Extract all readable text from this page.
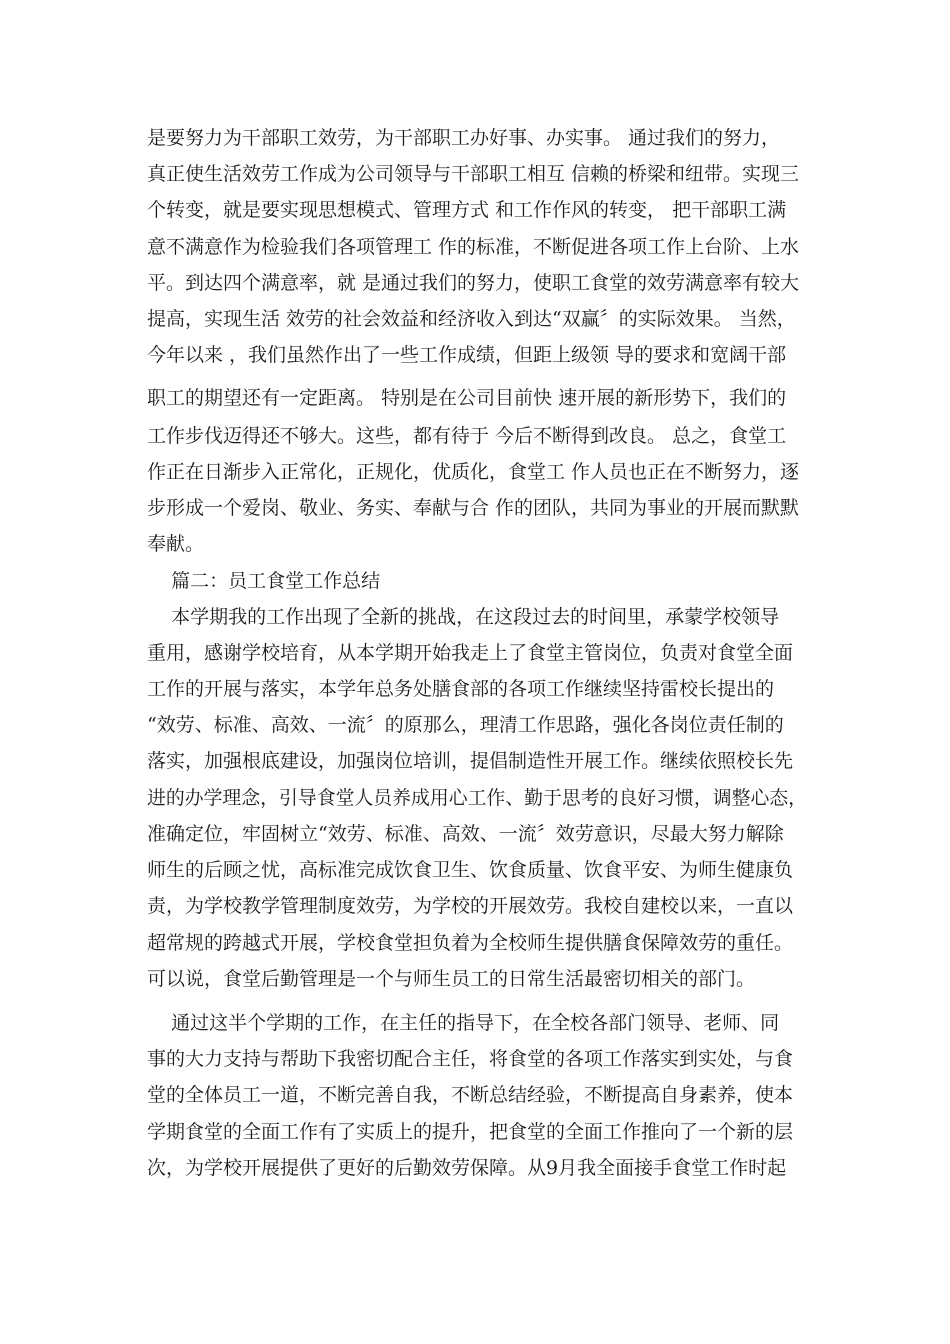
是要努力为干部职工效劳，为干部职工办好事、办实事。 通过我们的努力，
真正使生活效劳工作成为公司领导与干部职工相互 信赖的桥梁和纽带。实现三
个转变，就是要实现思想模式、管理方式 和工作作风的转变， 把干部职工满
意不满意作为检验我们各项管理工 作的标准，不断促进各项工作上台阶、上水
平。到达四个满意率，就 是通过我们的努力，使职工食堂的效劳满意率有较大
提高，实现生活 效劳的社会效益和经济收入到达“双赢〞的实际效果。 当然，
今年以来 ，我们虽然作出了一些工作成绩，但距上级领 导的要求和宽阔干部
职工的期望还有一定距离。 特别是在公司目前快 速开展的新形势下，我们的
工作步伐迈得还不够大。这些，都有待于 今后不断得到改良。 总之，食堂工
作正在日渐步入正常化，正规化，优质化，食堂工 作人员也正在不断努力，逐
步形成一个爱岗、敬业、务实、奉献与合 作的团队，共同为事业的开展而默默
奉献。
篇二：员工食堂工作总结
本学期我的工作出现了全新的挑战，在这段过去的时间里，承蒙学校领导
重用，感谢学校培育，从本学期开始我走上了食堂主管岗位，负责对食堂全面
工作的开展与落实，本学年总务处膳食部的各项工作继续坚持雷校长提出的
“效劳、标准、高效、一流〞的原那么，理清工作思路，强化各岗位责任制的
落实，加强根底建设，加强岗位培训，提倡制造性开展工作。继续依照校长先
进的办学理念，引导食堂人员养成用心工作、勤于思考的良好习惯，调整心态，
准确定位，牢固树立“效劳、标准、高效、一流〞效劳意识，尽最大努力解除
师生的后顾之忧，高标准完成饮食卫生、饮食质量、饮食平安、为师生健康负
责，为学校教学管理制度效劳，为学校的开展效劳。我校自建校以来，一直以
超常规的跨越式开展，学校食堂担负着为全校师生提供膳食保障效劳的重任。
可以说，食堂后勤管理是一个与师生员工的日常生活最密切相关的部门。
通过这半个学期的工作，在主任的指导下，在全校各部门领导、老师、同
事的大力支持与帮助下我密切配合主任，将食堂的各项工作落实到实处，与食
堂的全体员工一道，不断完善自我，不断总结经验，不断提高自身素养，使本
学期食堂的全面工作有了实质上的提升，把食堂的全面工作推向了一个新的层
次，为学校开展提供了更好的后勤效劳保障。从9月我全面接手食堂工作时起
